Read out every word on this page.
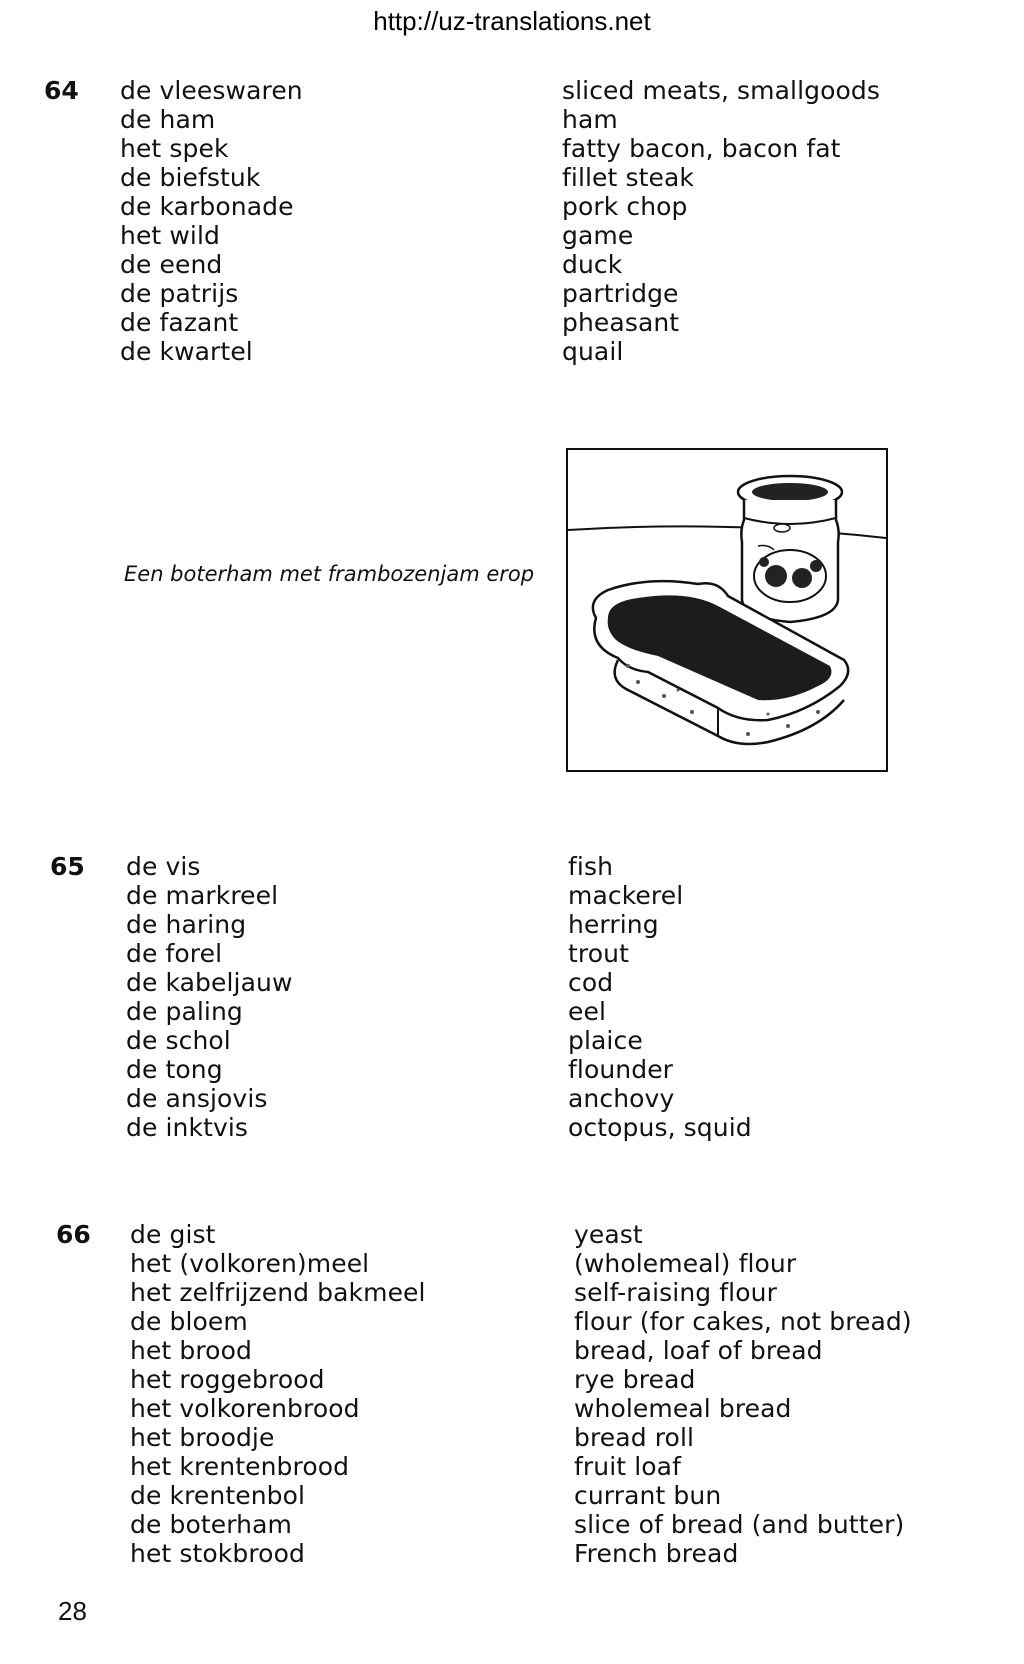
http://uz-translations.net
64 de vleeswaren
de ham
het spek
de biefstuk
de karbonade
het wild
de eend
de patrijs
de fazant
de kwartel
sliced meats, smallgoods
ham
fatty bacon, bacon fat
fillet steak
pork chop
game
duck
partridge
pheasant
quail
Een boterham met frambozenjam erop
65 de vis
de markreel
de haring
de forel
de kabeljauw
de paling
de schol
de tong
de ansjovis
de inktvis
fish
mackerel
herring
trout
cod
eel
plaice
flounder
anchovy
octopus, squid
66 de gist
het (volkoren)meel
het zelfrijzend bakmeel
de bloem
het brood
het roggebrood
het volkorenbrood
het broodje
het krentenbrood
de krentenbol
de boterham
het stokbrood
yeast
(wholemeal) flour
self-raising flour
flour (for cakes, not bread)
bread, loaf of bread
rye bread
wholemeal bread
bread roll
fruit loaf
currant bun
slice of bread (and butter)
French bread
28
